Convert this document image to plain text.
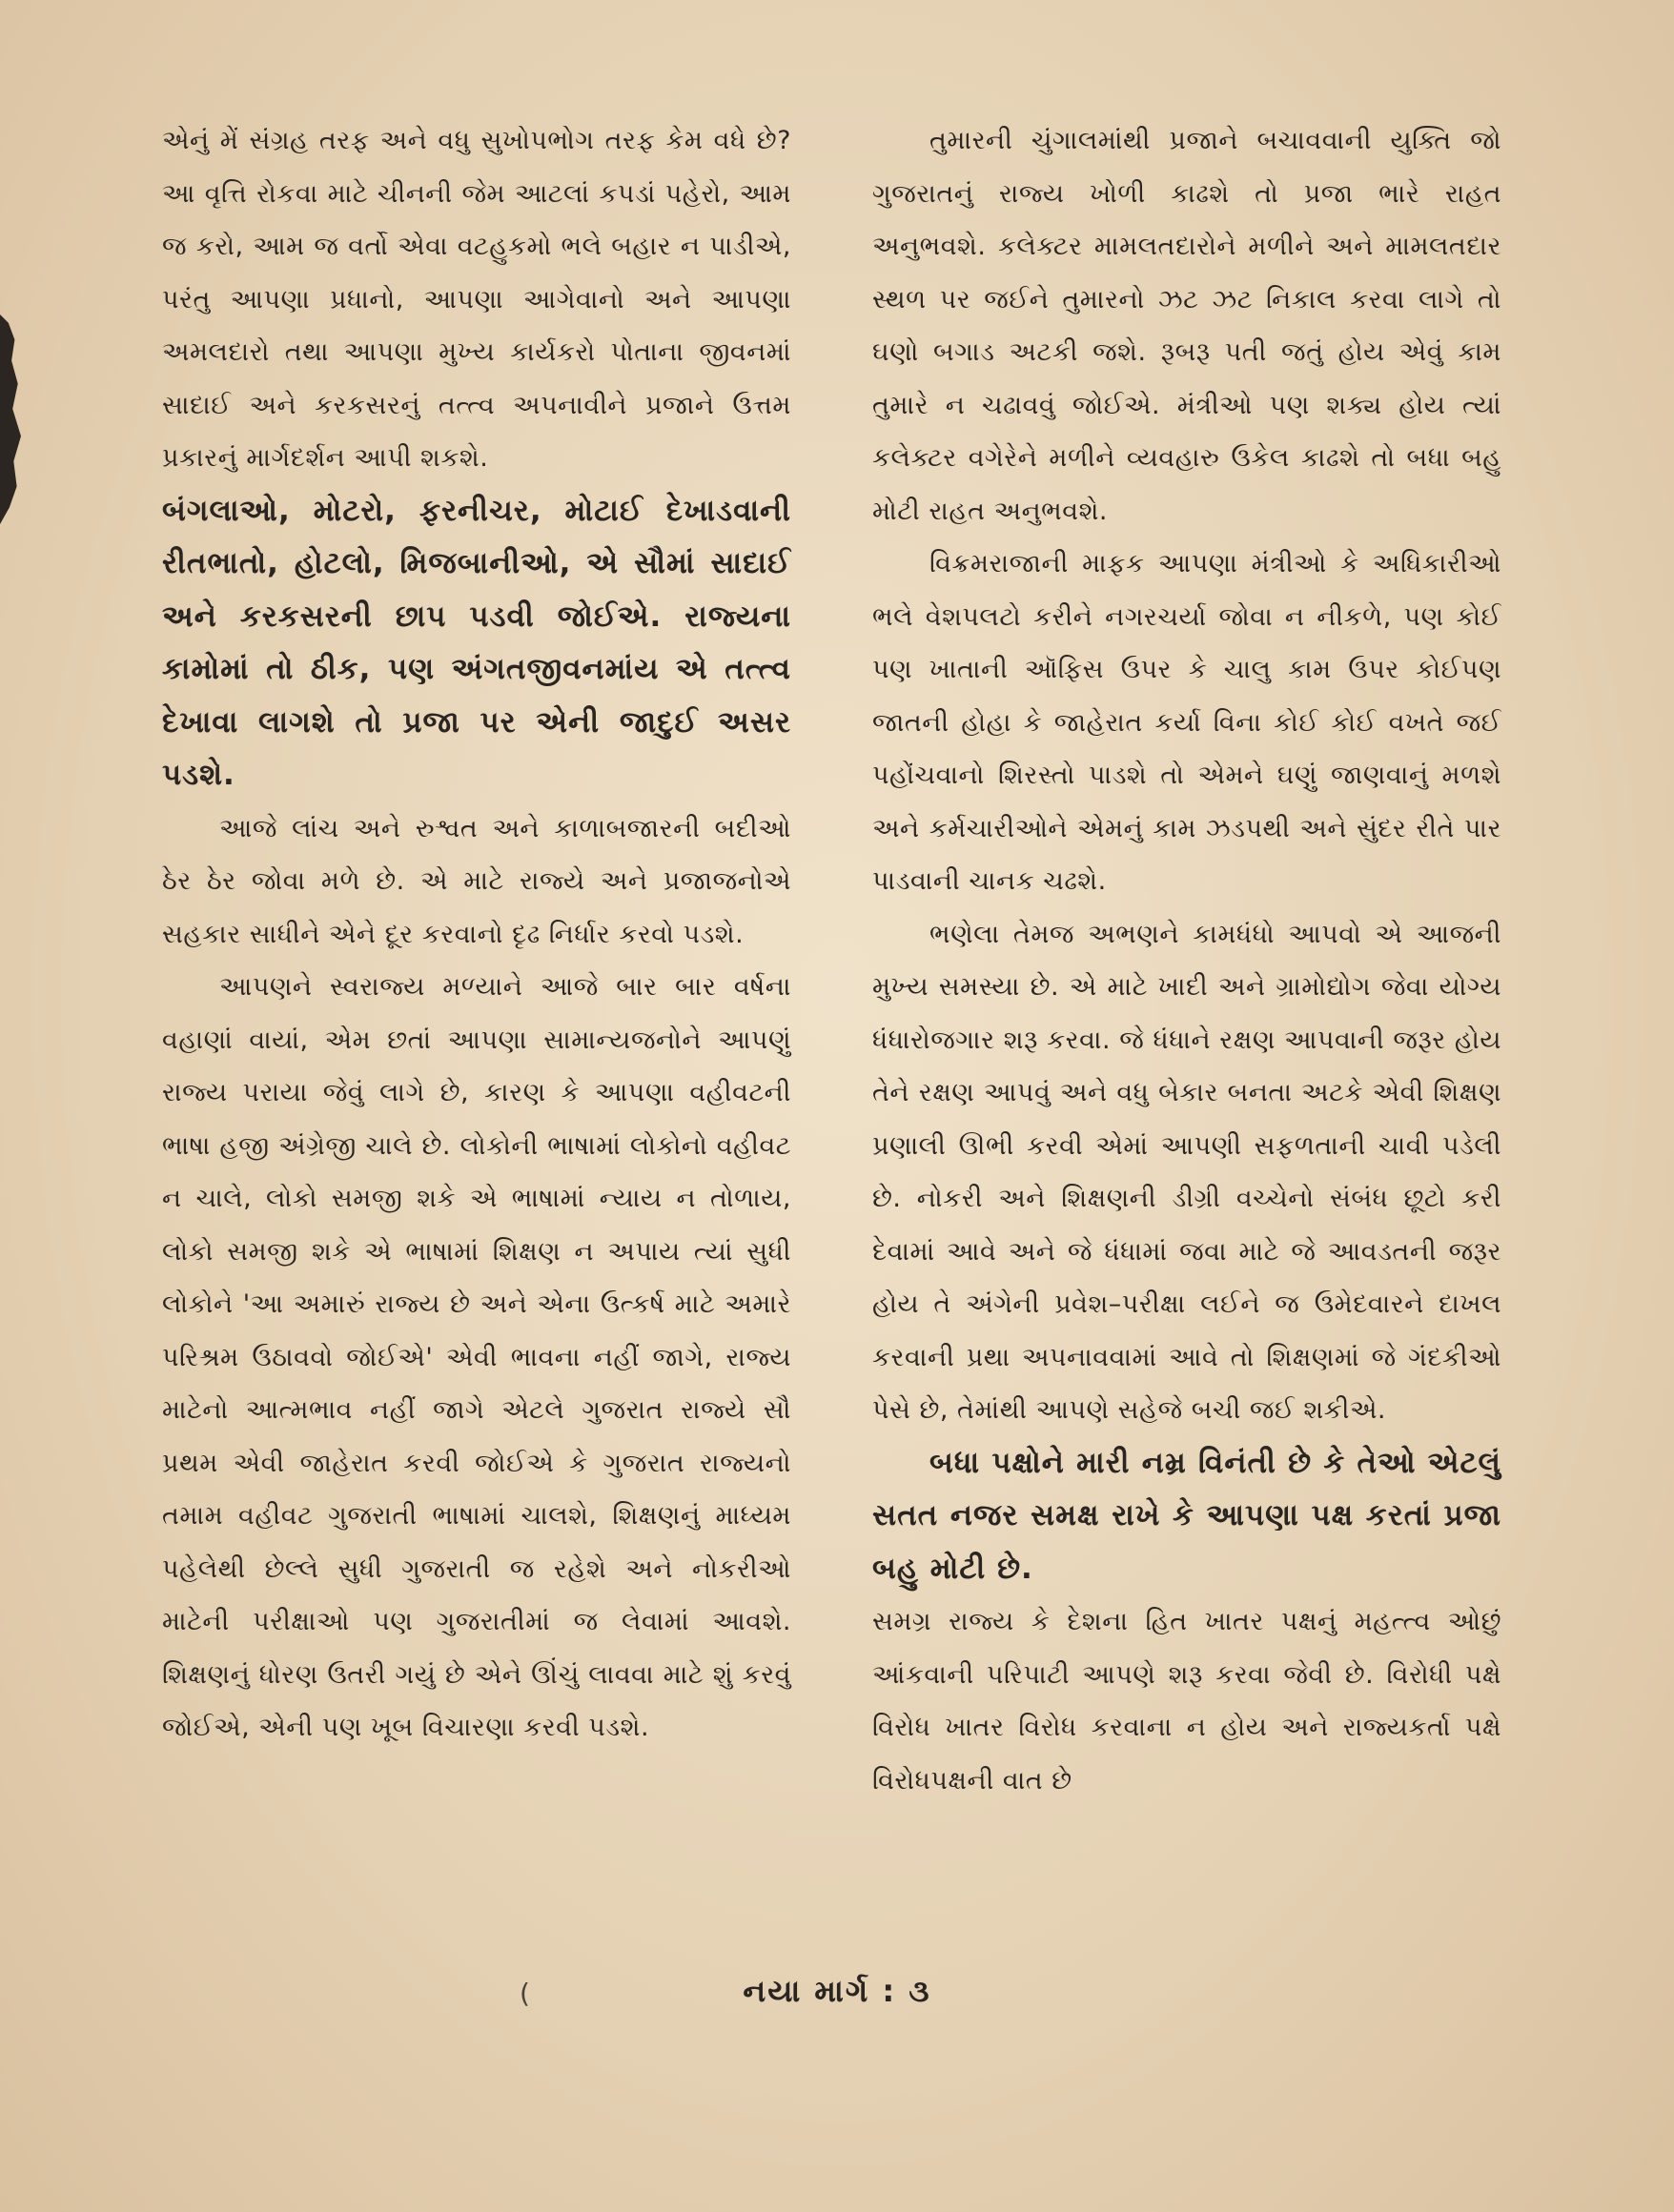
એનું મેં સંગ્રહ તરફ અને વધુ સુખોપભોગ તરફ કેમ વધે છે? આ વૃત્તિ રોકવા માટે ચીનની જેમ આટલાં કપડાં પહેરો, આમ જ કરો, આમ જ વર્તો એવા વટહુકમો ભલે બહાર ન પાડીએ, પરંતુ આપણા પ્રધાનો, આપણા આગેવાનો અને આપણા અમલદારો તથા આપણા મુખ્ય કાર્યકરો પોતાના જીવનમાં સાદાઈ અને કરકસરનું તત્ત્વ અપનાવીને પ્રજાને ઉત્તમ પ્રકારનું માર્ગદર્શન આપી શકશે.

બંગલાઓ, મોટરો, ફરનીચર, મોટાઈ દેખાડવાની રીતભાતો, હોટલો, મિજબાનીઓ, એ સૌમાં સાદાઈ અને કરકસરની છાપ પડવી જોઈએ. રાજ્યના કામોમાં તો ઠીક, પણ અંગતજીવનમાંય એ તત્ત્વ દેખાવા લાગશે તો પ્રજા પર એની જાદુઈ અસર પડશે.

આજે લાંચ અને રુશ્વત અને કાળાબજારની બદીઓ ઠેર ઠેર જોવા મળે છે. એ માટે રાજ્યે અને પ્રજાજનોએ સહકાર સાધીને એને દૂર કરવાનો દૃઢ નિર્ધાર કરવો પડશે.

આપણને સ્વરાજ્ય મળ્યાને આજે બાર બાર વર્ષના વહાણાં વાયાં, એમ છતાં આપણા સામાન્યજનોને આપણું રાજ્ય પરાયા જેવું લાગે છે, કારણ કે આપણા વહીવટની ભાષા હજી અંગ્રેજી ચાલે છે. લોકોની ભાષામાં લોકોનો વહીવટ ન ચાલે, લોકો સમજી શકે એ ભાષામાં ન્યાય ન તોળાય, લોકો સમજી શકે એ ભાષામાં શિક્ષણ ન અપાય ત્યાં સુધી લોકોને 'આ અમારું રાજ્ય છે અને એના ઉત્કર્ષ માટે અમારે પરિશ્રમ ઉઠાવવો જોઈએ' એવી ભાવના નહીં જાગે, રાજ્ય માટેનો આત્મભાવ નહીં જાગે એટલે ગુજરાત રાજ્યે સૌ પ્રથમ એવી જાહેરાત કરવી જોઈએ કે ગુજરાત રાજ્યનો તમામ વહીવટ ગુજરાતી ભાષામાં ચાલશે, શિક્ષણનું માધ્યમ પહેલેથી છેલ્લે સુધી ગુજરાતી જ રહેશે અને નોકરીઓ માટેની પરીક્ષાઓ પણ ગુજરાતીમાં જ લેવામાં આવશે. શિક્ષણનું ધોરણ ઉતરી ગયું છે એને ઊંચું લાવવા માટે શું કરવું જોઈએ, એની પણ ખૂબ વિચારણા કરવી પડશે.

તુમારની ચુંગાલમાંથી પ્રજાને બચાવવાની યુક્તિ જો ગુજરાતનું રાજ્ય ખોળી કાઢશે તો પ્રજા ભારે રાહત અનુભવશે. કલેક્ટર મામલતદારોને મળીને અને મામલતદાર સ્થળ પર જઈને તુમારનો ઝટ ઝટ નિકાલ કરવા લાગે તો ઘણો બગાડ અટકી જશે. રૂબરૂ પતી જતું હોય એવું કામ તુમારે ન ચઢાવવું જોઈએ. મંત્રીઓ પણ શક્ય હોય ત્યાં કલેક્ટર વગેરેને મળીને વ્યવહારુ ઉકેલ કાઢશે તો બધા બહુ મોટી રાહત અનુભવશે.

વિક્રમરાજાની માફક આપણા મંત્રીઓ કે અધિકારીઓ ભલે વેશપલટો કરીને નગરચર્યા જોવા ન નીકળે, પણ કોઈ પણ ખાતાની ઑફિસ ઉપર કે ચાલુ કામ ઉપર કોઈપણ જાતની હોહા કે જાહેરાત કર્યા વિના કોઈ કોઈ વખતે જઈ પહોંચવાનો શિરસ્તો પાડશે તો એમને ઘણું જાણવાનું મળશે અને કર્મચારીઓને એમનું કામ ઝડપથી અને સુંદર રીતે પાર પાડવાની ચાનક ચઢશે.

ભણેલા તેમજ અભણને કામધંધો આપવો એ આજની મુખ્ય સમસ્યા છે. એ માટે ખાદી અને ગ્રામોદ્યોગ જેવા યોગ્ય ધંધારોજગાર શરૂ કરવા. જે ધંધાને રક્ષણ આપવાની જરૂર હોય તેને રક્ષણ આપવું અને વધુ બેકાર બનતા અટકે એવી શિક્ષણ પ્રણાલી ઊભી કરવી એમાં આપણી સફળતાની ચાવી પડેલી છે. નોકરી અને શિક્ષણની ડીગ્રી વચ્ચેનો સંબંધ છૂટો કરી દેવામાં આવે અને જે ધંધામાં જવા માટે જે આવડતની જરૂર હોય તે અંગેની પ્રવેશ–પરીક્ષા લઈને જ ઉમેદવારને દાખલ કરવાની પ્રથા અપનાવવામાં આવે તો શિક્ષણમાં જે ગંદકીઓ પેસે છે, તેમાંથી આપણે સહેજે બચી જઈ શકીએ.

બધા પક્ષોને મારી નમ્ર વિનંતી છે કે તેઓ એટલું સતત નજર સમક્ષ રાખે કે આપણા પક્ષ કરતાં પ્રજા બહુ મોટી છે.

સમગ્ર રાજ્ય કે દેશના હિત ખાતર પક્ષનું મહત્ત્વ ઓછું આંકવાની પરિપાટી આપણે શરૂ કરવા જેવી છે. વિરોધી પક્ષે વિરોધ ખાતર વિરોધ કરવાના ન હોય અને રાજ્યકર્તા પક્ષે વિરોધપક્ષની વાત છે

(	નયા માર્ગ : ૩
